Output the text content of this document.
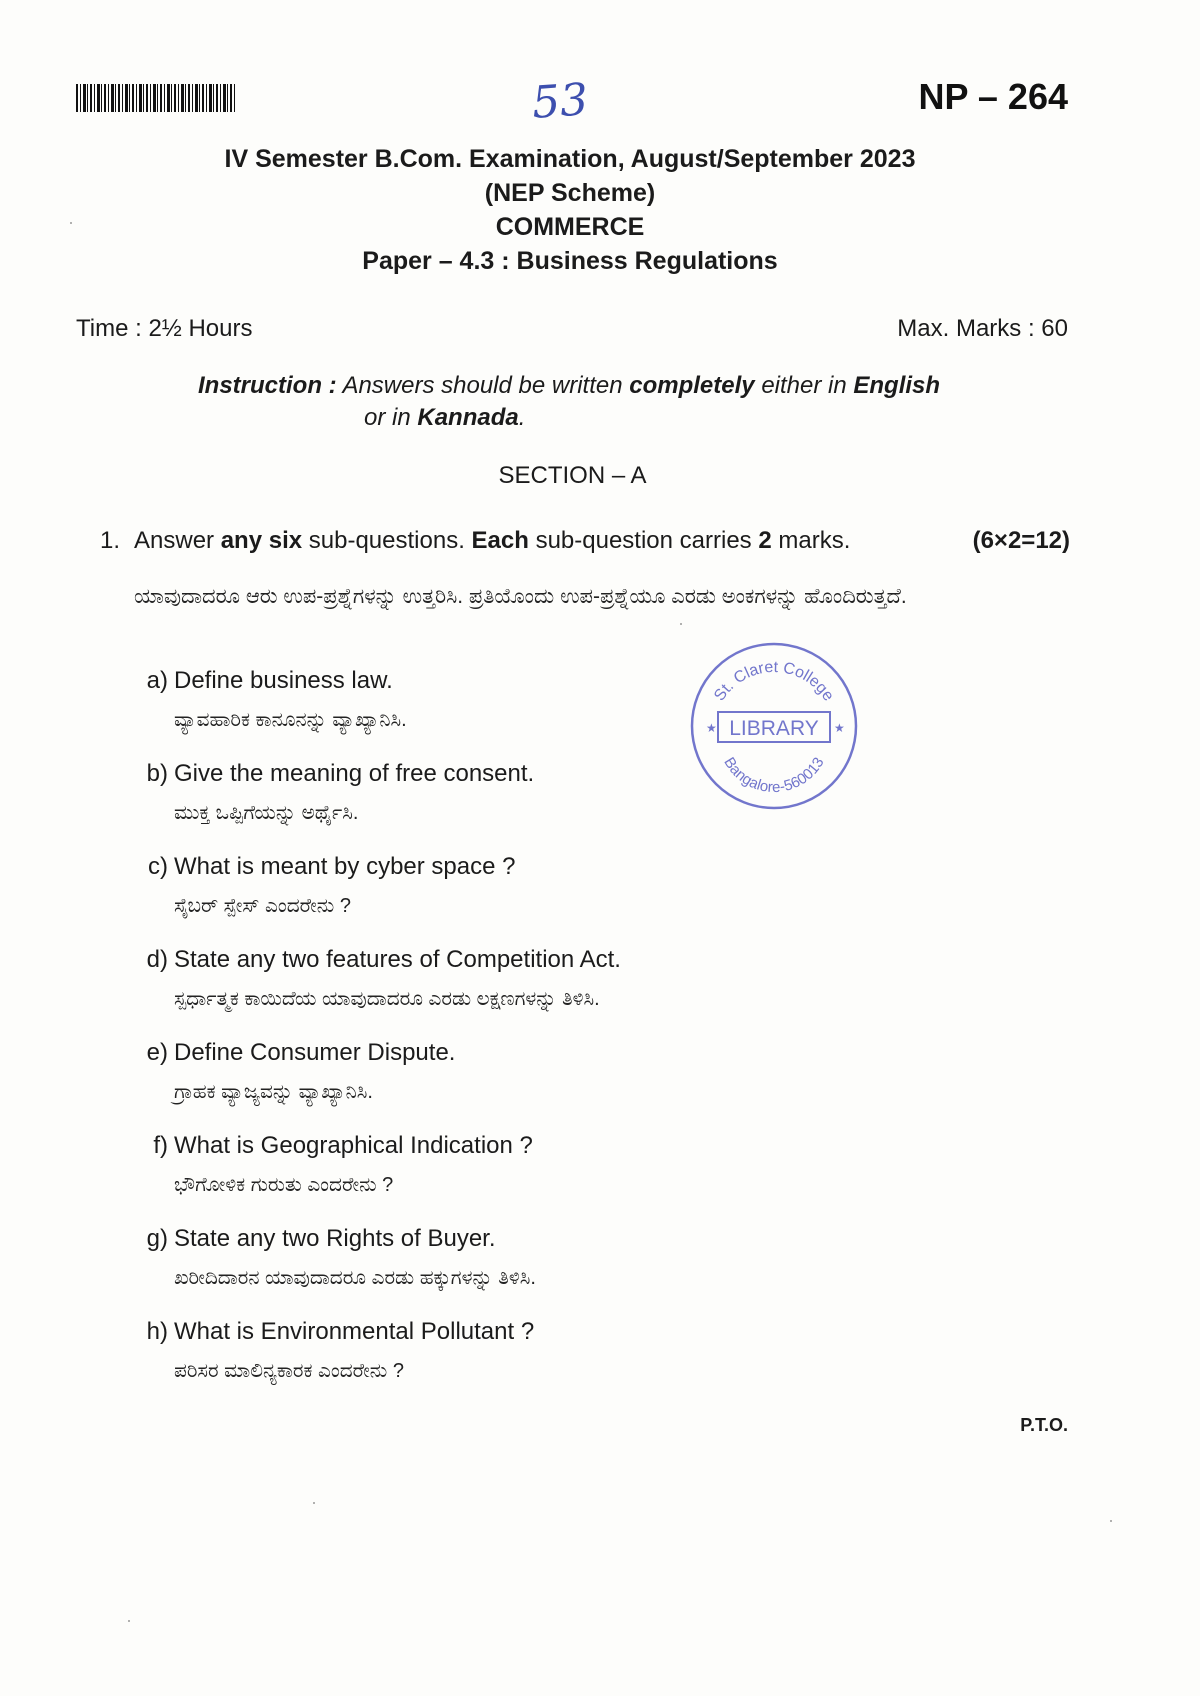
53	NP – 264
IV Semester B.Com. Examination, August/September 2023
(NEP Scheme)
COMMERCE
Paper – 4.3 : Business Regulations
Time : 2½ Hours	Max. Marks : 60
Instruction : Answers should be written completely either in English
or in Kannada.
SECTION – A
1. Answer any six sub-questions. Each sub-question carries 2 marks.	(6×2=12)
ಯಾವುದಾದರೂ ಆರು ಉಪ-ಪ್ರಶ್ನೆಗಳನ್ನು ಉತ್ತರಿಸಿ. ಪ್ರತಿಯೊಂದು ಉಪ-ಪ್ರಶ್ನೆಯೂ ಎರಡು ಅಂಕಗಳನ್ನು ಹೊಂದಿರುತ್ತದೆ.
a) Define business law.
ವ್ಯಾವಹಾರಿಕ ಕಾನೂನನ್ನು ವ್ಯಾಖ್ಯಾನಿಸಿ.
b) Give the meaning of free consent.
ಮುಕ್ತ ಒಪ್ಪಿಗೆಯನ್ನು ಅರ್ಥೈಸಿ.
c) What is meant by cyber space ?
ಸೈಬರ್ ಸ್ಪೇಸ್ ಎಂದರೇನು ?
d) State any two features of Competition Act.
ಸ್ಪರ್ಧಾತ್ಮಕ ಕಾಯಿದೆಯ ಯಾವುದಾದರೂ ಎರಡು ಲಕ್ಷಣಗಳನ್ನು ತಿಳಿಸಿ.
e) Define Consumer Dispute.
ಗ್ರಾಹಕ ವ್ಯಾಜ್ಯವನ್ನು ವ್ಯಾಖ್ಯಾನಿಸಿ.
f) What is Geographical Indication ?
ಭೌಗೋಳಿಕ ಗುರುತು ಎಂದರೇನು ?
g) State any two Rights of Buyer.
ಖರೀದಿದಾರನ ಯಾವುದಾದರೂ ಎರಡು ಹಕ್ಕುಗಳನ್ನು ತಿಳಿಸಿ.
h) What is Environmental Pollutant ?
ಪರಿಸರ ಮಾಲಿನ್ಯಕಾರಕ ಎಂದರೇನು ?
St. Claret College
LIBRARY
★	★
Bangalore-560013
P.T.O.
